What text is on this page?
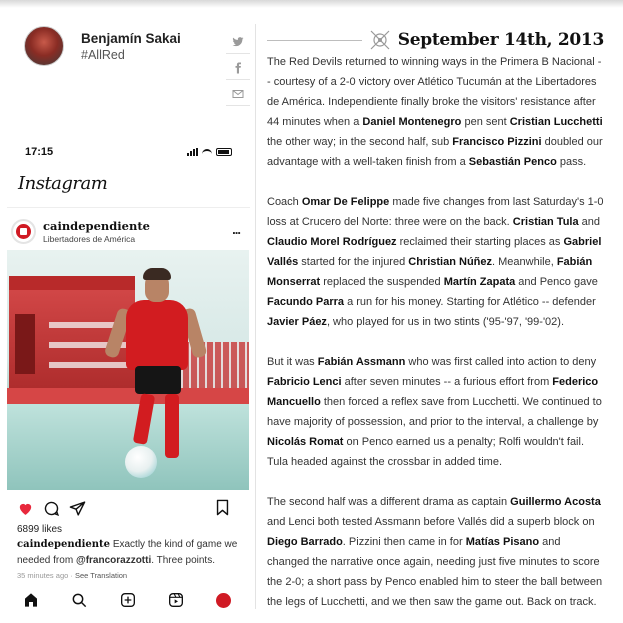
Benjamín Sakai
#AllRed
17:15
Instagram
caindependiente
Libertadores de América
...
6899 likes
caindependiente Exactly the kind of game we needed from @francorazzotti. Three points.
35 minutes ago · See Translation
September 14th, 2013

The Red Devils returned to winning ways in the Primera B Nacional -- courtesy of a 2-0 victory over Atlético Tucumán at the Libertadores de América. Independiente finally broke the visitors' resistance after 44 minutes when a Daniel Montenegro pen sent Cristian Lucchetti the other way; in the second half, sub Francisco Pizzini doubled our advantage with a well-taken finish from a Sebastián Penco pass.

Coach Omar De Felippe made five changes from last Saturday's 1-0 loss at Crucero del Norte: three were on the back. Cristian Tula and Claudio Morel Rodríguez reclaimed their starting places as Gabriel Vallés started for the injured Christian Núñez. Meanwhile, Fabián Monserrat replaced the suspended Martín Zapata and Penco gave Facundo Parra a run for his money. Starting for Atlético -- defender Javier Páez, who played for us in two stints ('95-'97, '99-'02).

But it was Fabián Assmann who was first called into action to deny Fabricio Lenci after seven minutes -- a furious effort from Federico Mancuello then forced a reflex save from Lucchetti. We continued to have majority of possession, and prior to the interval, a challenge by Nicolás Romat on Penco earned us a penalty; Rolfi wouldn't fail. Tula headed against the crossbar in added time.

The second half was a different drama as captain Guillermo Acosta and Lenci both tested Assmann before Vallés did a superb block on Diego Barrado. Pizzini then came in for Matías Pisano and changed the narrative once again, needing just five minutes to score the 2-0; a short pass by Penco enabled him to steer the ball between the legs of Lucchetti, and we then saw the game out. Back on track.
